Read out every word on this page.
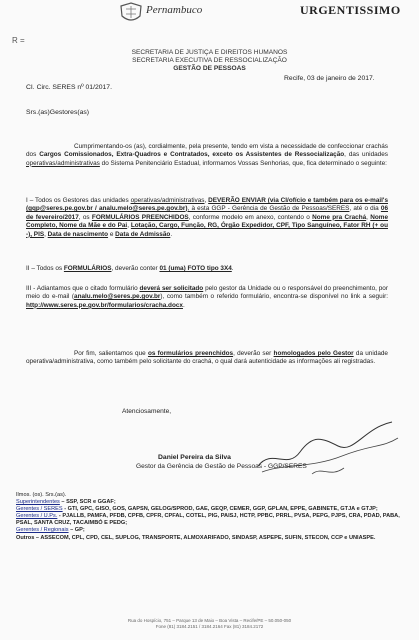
Pernambuco	URGENTISSIMO
R =
SECRETARIA DE JUSTIÇA E DIREITOS HUMANOS
SECRETARIA EXECUTIVA DE RESSOCIALIZAÇÃO
GESTÃO DE PESSOAS
Recife, 03 de janeiro de 2017.
CI. Circ. SERES nº 01/2017.
Srs.(as)Gestores(as)
Cumprimentando-os (as), cordialmente, pela presente, tendo em vista a necessidade de confeccionar crachás dos Cargos Comissionados, Extra-Quadros e Contratados, exceto os Assistentes de Ressocialização, das unidades operativas/administrativas do Sistema Penitenciário Estadual, informamos Vossas Senhorias, que, fica determinado o seguinte:
I – Todos os Gestores das unidades operativas/administrativas, DEVERÃO ENVIAR (via CI/ofício e também para os e-mail's (gqp@seres.pe.gov.br / analu.melo@seres.pe.gov.br), à esta GGP - Gerência de Gestão de Pessoas/SERES, até o dia 06 de fevereiro/2017, os FORMULÁRIOS PREENCHIDOS, conforme modelo em anexo, contendo o Nome pra Crachá, Nome Completo, Nome da Mãe e do Pai, Lotação, Cargo, Função, RG, Órgão Expedidor, CPF, Tipo Sanguíneo, Fator RH (+ ou -), PIS, Data de nascimento e Data de Admissão.
II – Todos os FORMULÁRIOS, deverão conter 01 (uma) FOTO tipo 3X4.
III - Adiantamos que o citado formulário deverá ser solicitado pelo gestor da Unidade ou o responsável do preenchimento, por meio do e-mail (analu.melo@seres.pe.gov.br), como também o referido formulário, encontra-se disponível no link a seguir: http://www.seres.pe.gov.br/formularios/cracha.docx.
Por fim, salientamos que os formulários preenchidos, deverão ser homologados pelo Gestor da unidade operativa/administrativa, como também pelo solicitante do crachá, o qual dará autenticidade as informações ali registradas.
Atenciosamente,
Daniel Pereira da Silva
Gestor da Gerência de Gestão de Pessoas - GGP/SERES
Ilmos. (os). Srs.(as).
Superintendentes – SSP, SCR e GGAF;
Gerentes / SERES - GTI, GPC, GISO, GOS, GAPSN, GELOG/SPROD, GAE, GEQP, CEMER, GGP, GPLAN, EPPE, GABINETE, GTJA e GTJP;
Gerentes / U.Ps. - PJALLB, PAMFA, PFDB, CPFB, CPFR, CPFAL, COTEL, PIG, PAISJ, HCTP, PPBC, PRRL, PVSA, PEPG, PJPS, CRA, PDAD, PABA, PSAL, SANTA CRUZ, TACAIMBÓ E PEDG;
Gerentes / Regionais – GP;
Outros – ASSECOM, CPL, CPD, CEL, SUPLOG, TRANSPORTE, ALMOXARIFADO, SINDASP, ASPEPE, SUFIN, STECON, CCP e UNIASPE.
Rua do Hospício, 751 – Parque 13 de Maio – Boa Vista – Recife/PE – 50.050-050
Fone (81) 3184.2151 / 3184.2164 Fax (81) 3184.2172
